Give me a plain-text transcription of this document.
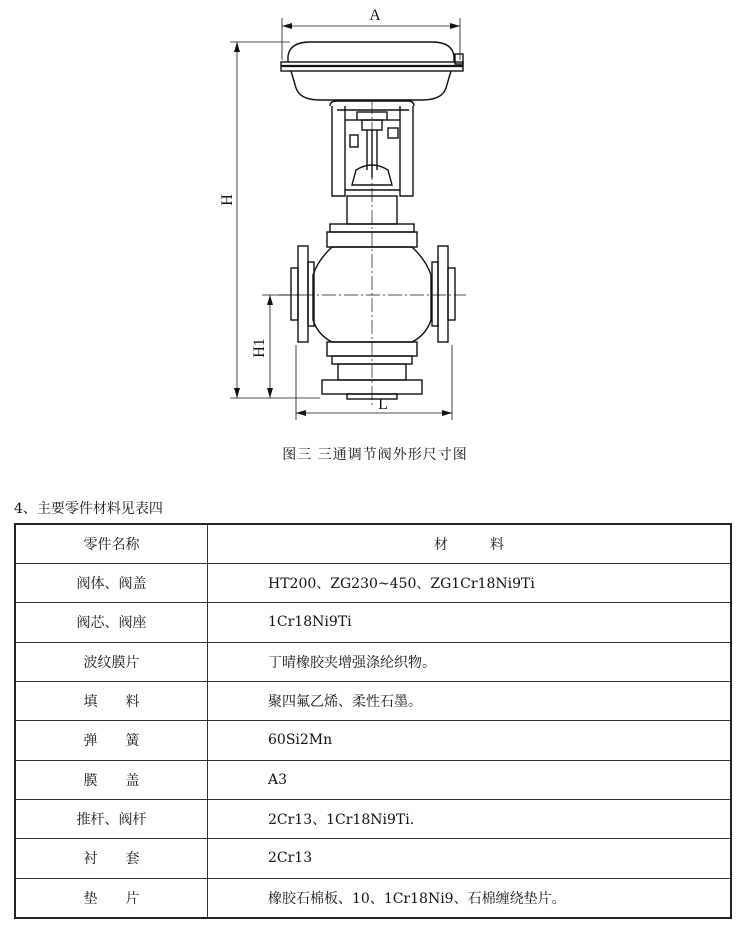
A
L
H
H1
图三 三通调节阀外形尺寸图
4、主要零件材料见表四
零件名称	材　　　料
阀体、阀盖	HT200、ZG230~450、ZG1Cr18Ni9Ti
阀芯、阀座	1Cr18Ni9Ti
波纹膜片	丁晴橡胶夹增强涤纶织物。
填　　料	聚四氟乙烯、柔性石墨。
弹　　簧	60Si2Mn
膜　　盖	A3
推杆、阀杆	2Cr13、1Cr18Ni9Ti.
衬　　套	2Cr13
垫　　片	橡胶石棉板、10、1Cr18Ni9、石棉缠绕垫片。
